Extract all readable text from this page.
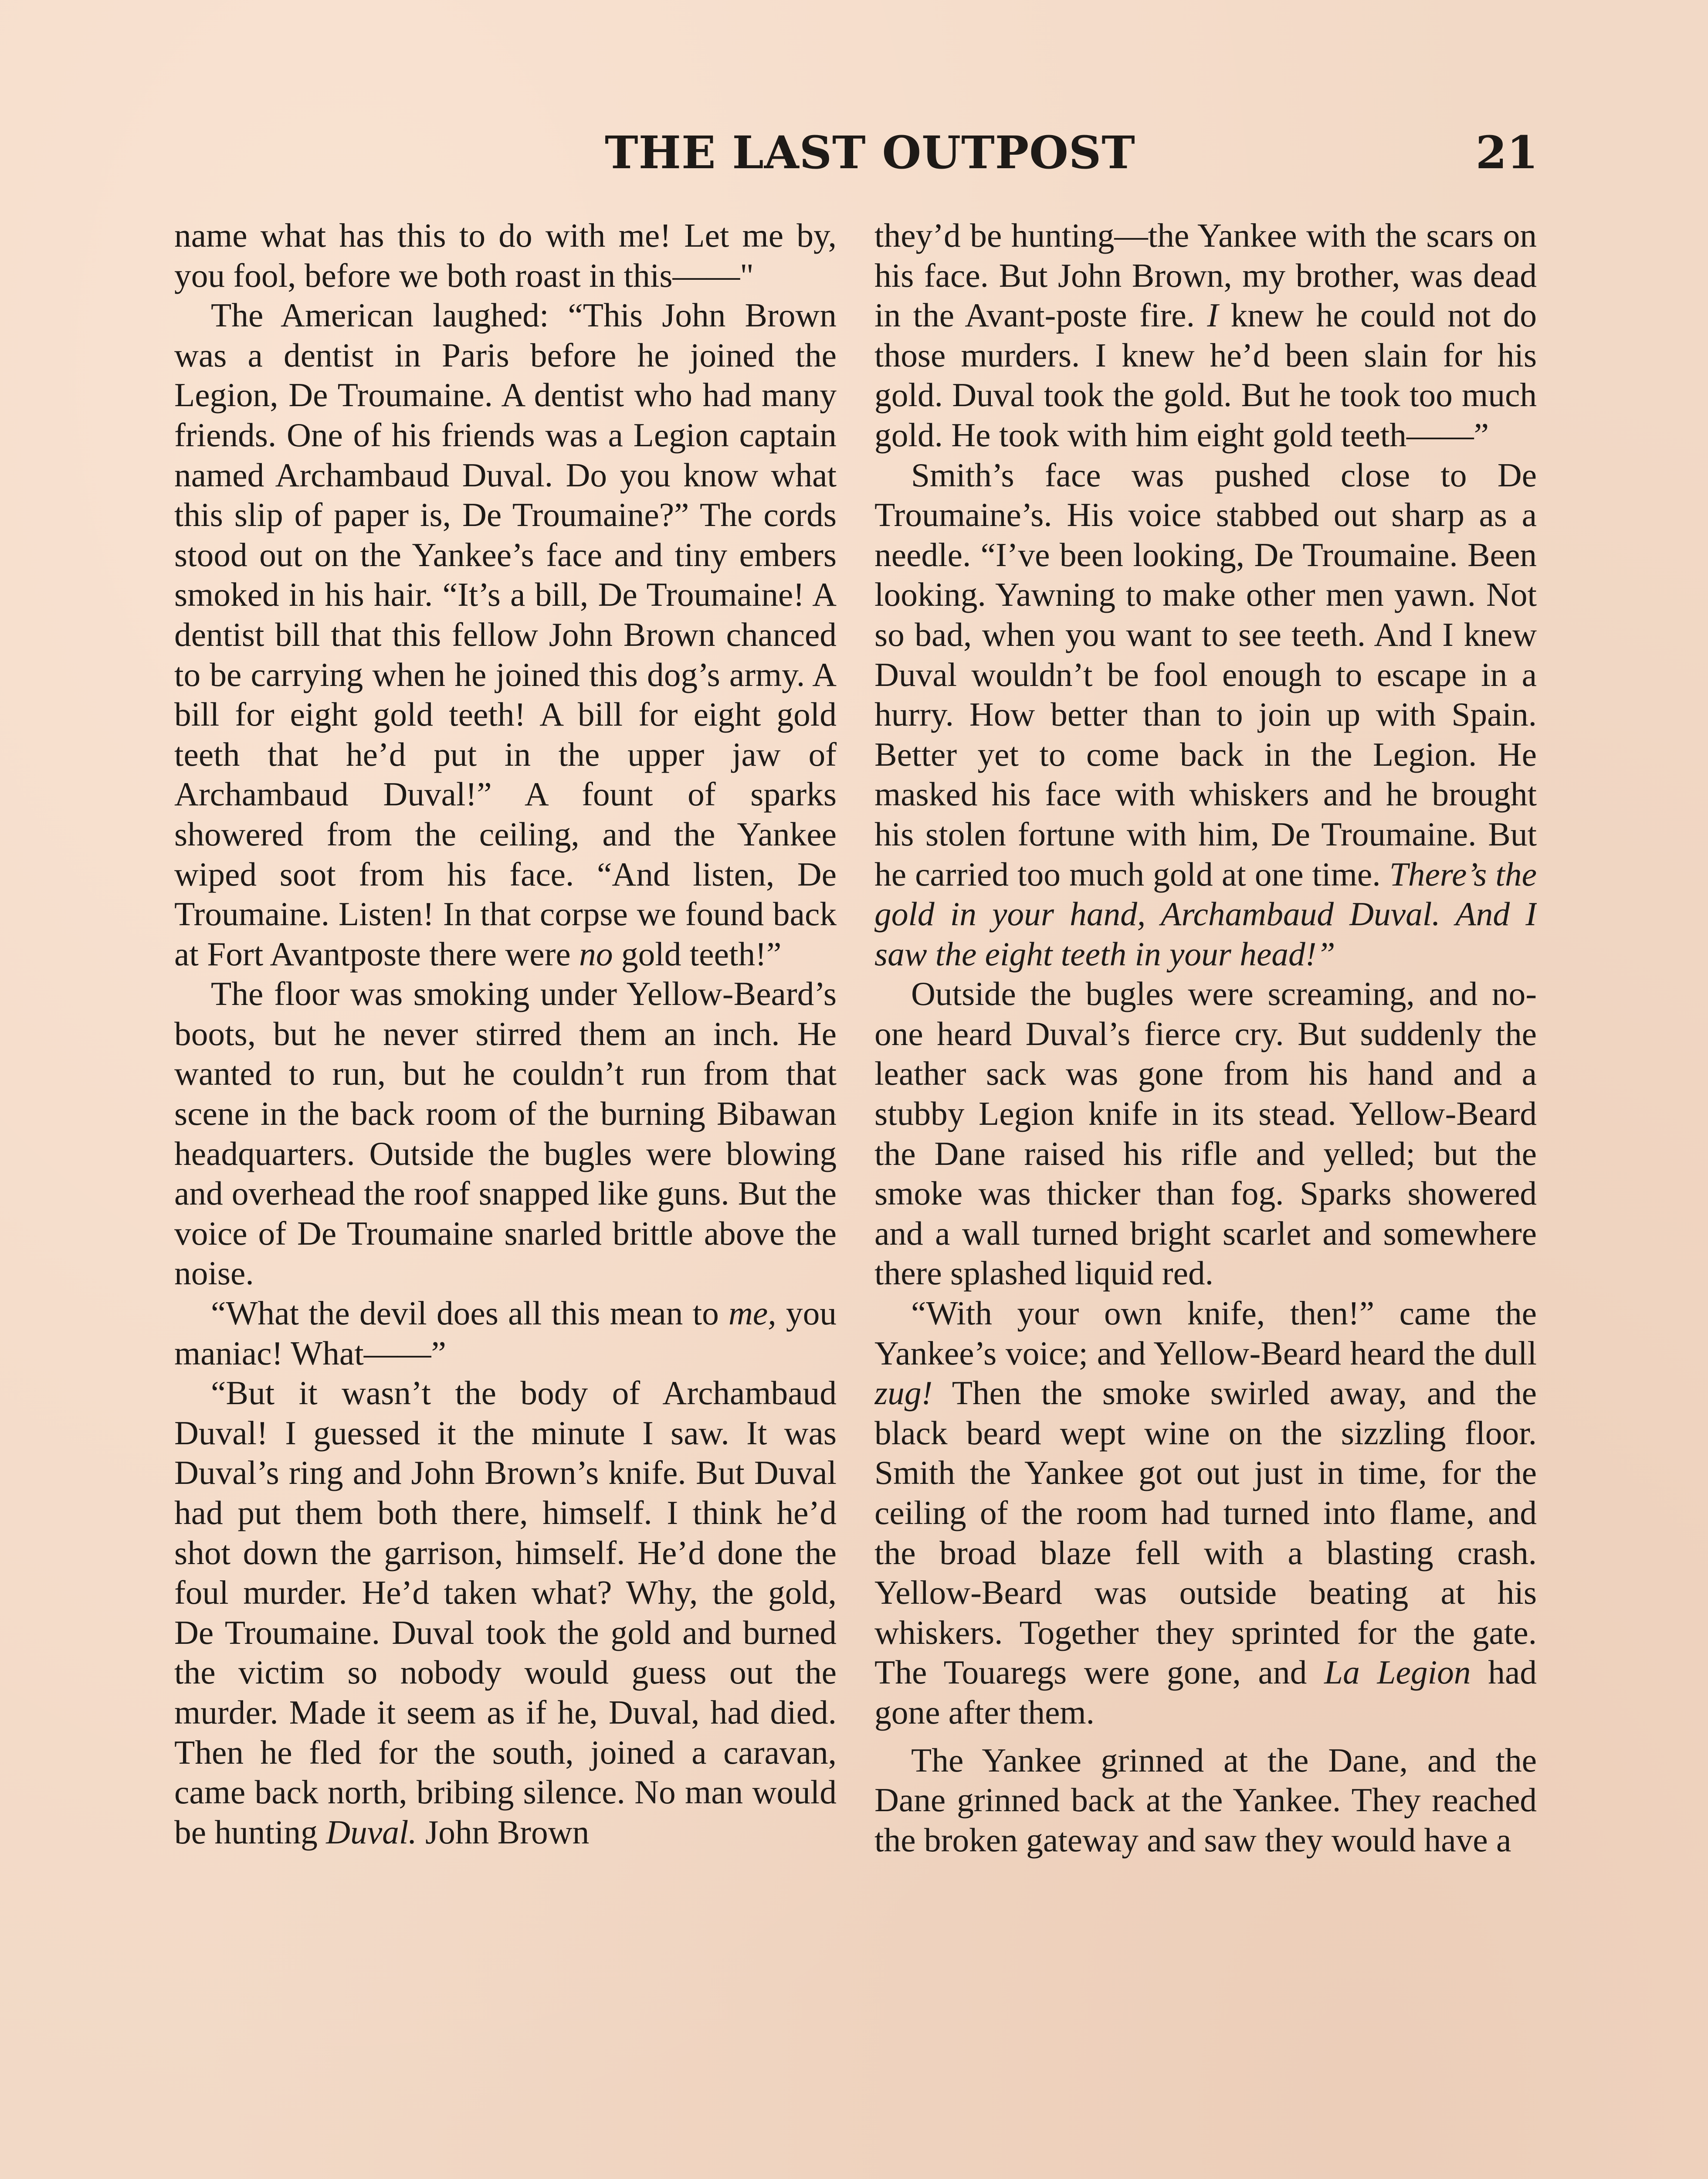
THE LAST OUTPOST	21

name what has this to do with me! Let me by, you fool, before we both roast in this——"

The American laughed: “This John Brown was a dentist in Paris before he joined the Legion, De Troumaine. A dentist who had many friends. One of his friends was a Legion captain named Archambaud Duval. Do you know what this slip of paper is, De Troumaine?” The cords stood out on the Yankee’s face and tiny embers smoked in his hair. “It’s a bill, De Troumaine! A dentist bill that this fellow John Brown chanced to be carrying when he joined this dog’s army. A bill for eight gold teeth! A bill for eight gold teeth that he’d put in the upper jaw of Archambaud Duval!” A fount of sparks showered from the ceiling, and the Yankee wiped soot from his face. “And listen, De Troumaine. Listen! In that corpse we found back at Fort Avantposte there were no gold teeth!”

The floor was smoking under Yellow-Beard’s boots, but he never stirred them an inch. He wanted to run, but he couldn’t run from that scene in the back room of the burning Bibawan headquarters. Outside the bugles were blowing and overhead the roof snapped like guns. But the voice of De Troumaine snarled brittle above the noise.

“What the devil does all this mean to me, you maniac! What——”

“But it wasn’t the body of Archambaud Duval! I guessed it the minute I saw. It was Duval’s ring and John Brown’s knife. But Duval had put them both there, himself. I think he’d shot down the garrison, himself. He’d done the foul murder. He’d taken what? Why, the gold, De Troumaine. Duval took the gold and burned the victim so nobody would guess out the murder. Made it seem as if he, Duval, had died. Then he fled for the south, joined a caravan, came back north, bribing silence. No man would be hunting Duval. John Brown

they’d be hunting—the Yankee with the scars on his face. But John Brown, my brother, was dead in the Avant-poste fire. I knew he could not do those murders. I knew he’d been slain for his gold. Duval took the gold. But he took too much gold. He took with him eight gold teeth——”

Smith’s face was pushed close to De Troumaine’s. His voice stabbed out sharp as a needle. “I’ve been looking, De Troumaine. Been looking. Yawning to make other men yawn. Not so bad, when you want to see teeth. And I knew Duval wouldn’t be fool enough to escape in a hurry. How better than to join up with Spain. Better yet to come back in the Legion. He masked his face with whiskers and he brought his stolen fortune with him, De Troumaine. But he carried too much gold at one time. There’s the gold in your hand, Archambaud Duval. And I saw the eight teeth in your head!”

Outside the bugles were screaming, and no-one heard Duval’s fierce cry. But suddenly the leather sack was gone from his hand and a stubby Legion knife in its stead. Yellow-Beard the Dane raised his rifle and yelled; but the smoke was thicker than fog. Sparks showered and a wall turned bright scarlet and somewhere there splashed liquid red.

“With your own knife, then!” came the Yankee’s voice; and Yellow-Beard heard the dull zug! Then the smoke swirled away, and the black beard wept wine on the sizzling floor. Smith the Yankee got out just in time, for the ceiling of the room had turned into flame, and the broad blaze fell with a blasting crash. Yellow-Beard was outside beating at his whiskers. Together they sprinted for the gate. The Touaregs were gone, and La Legion had gone after them.

The Yankee grinned at the Dane, and the Dane grinned back at the Yankee. They reached the broken gateway and saw they would have a
